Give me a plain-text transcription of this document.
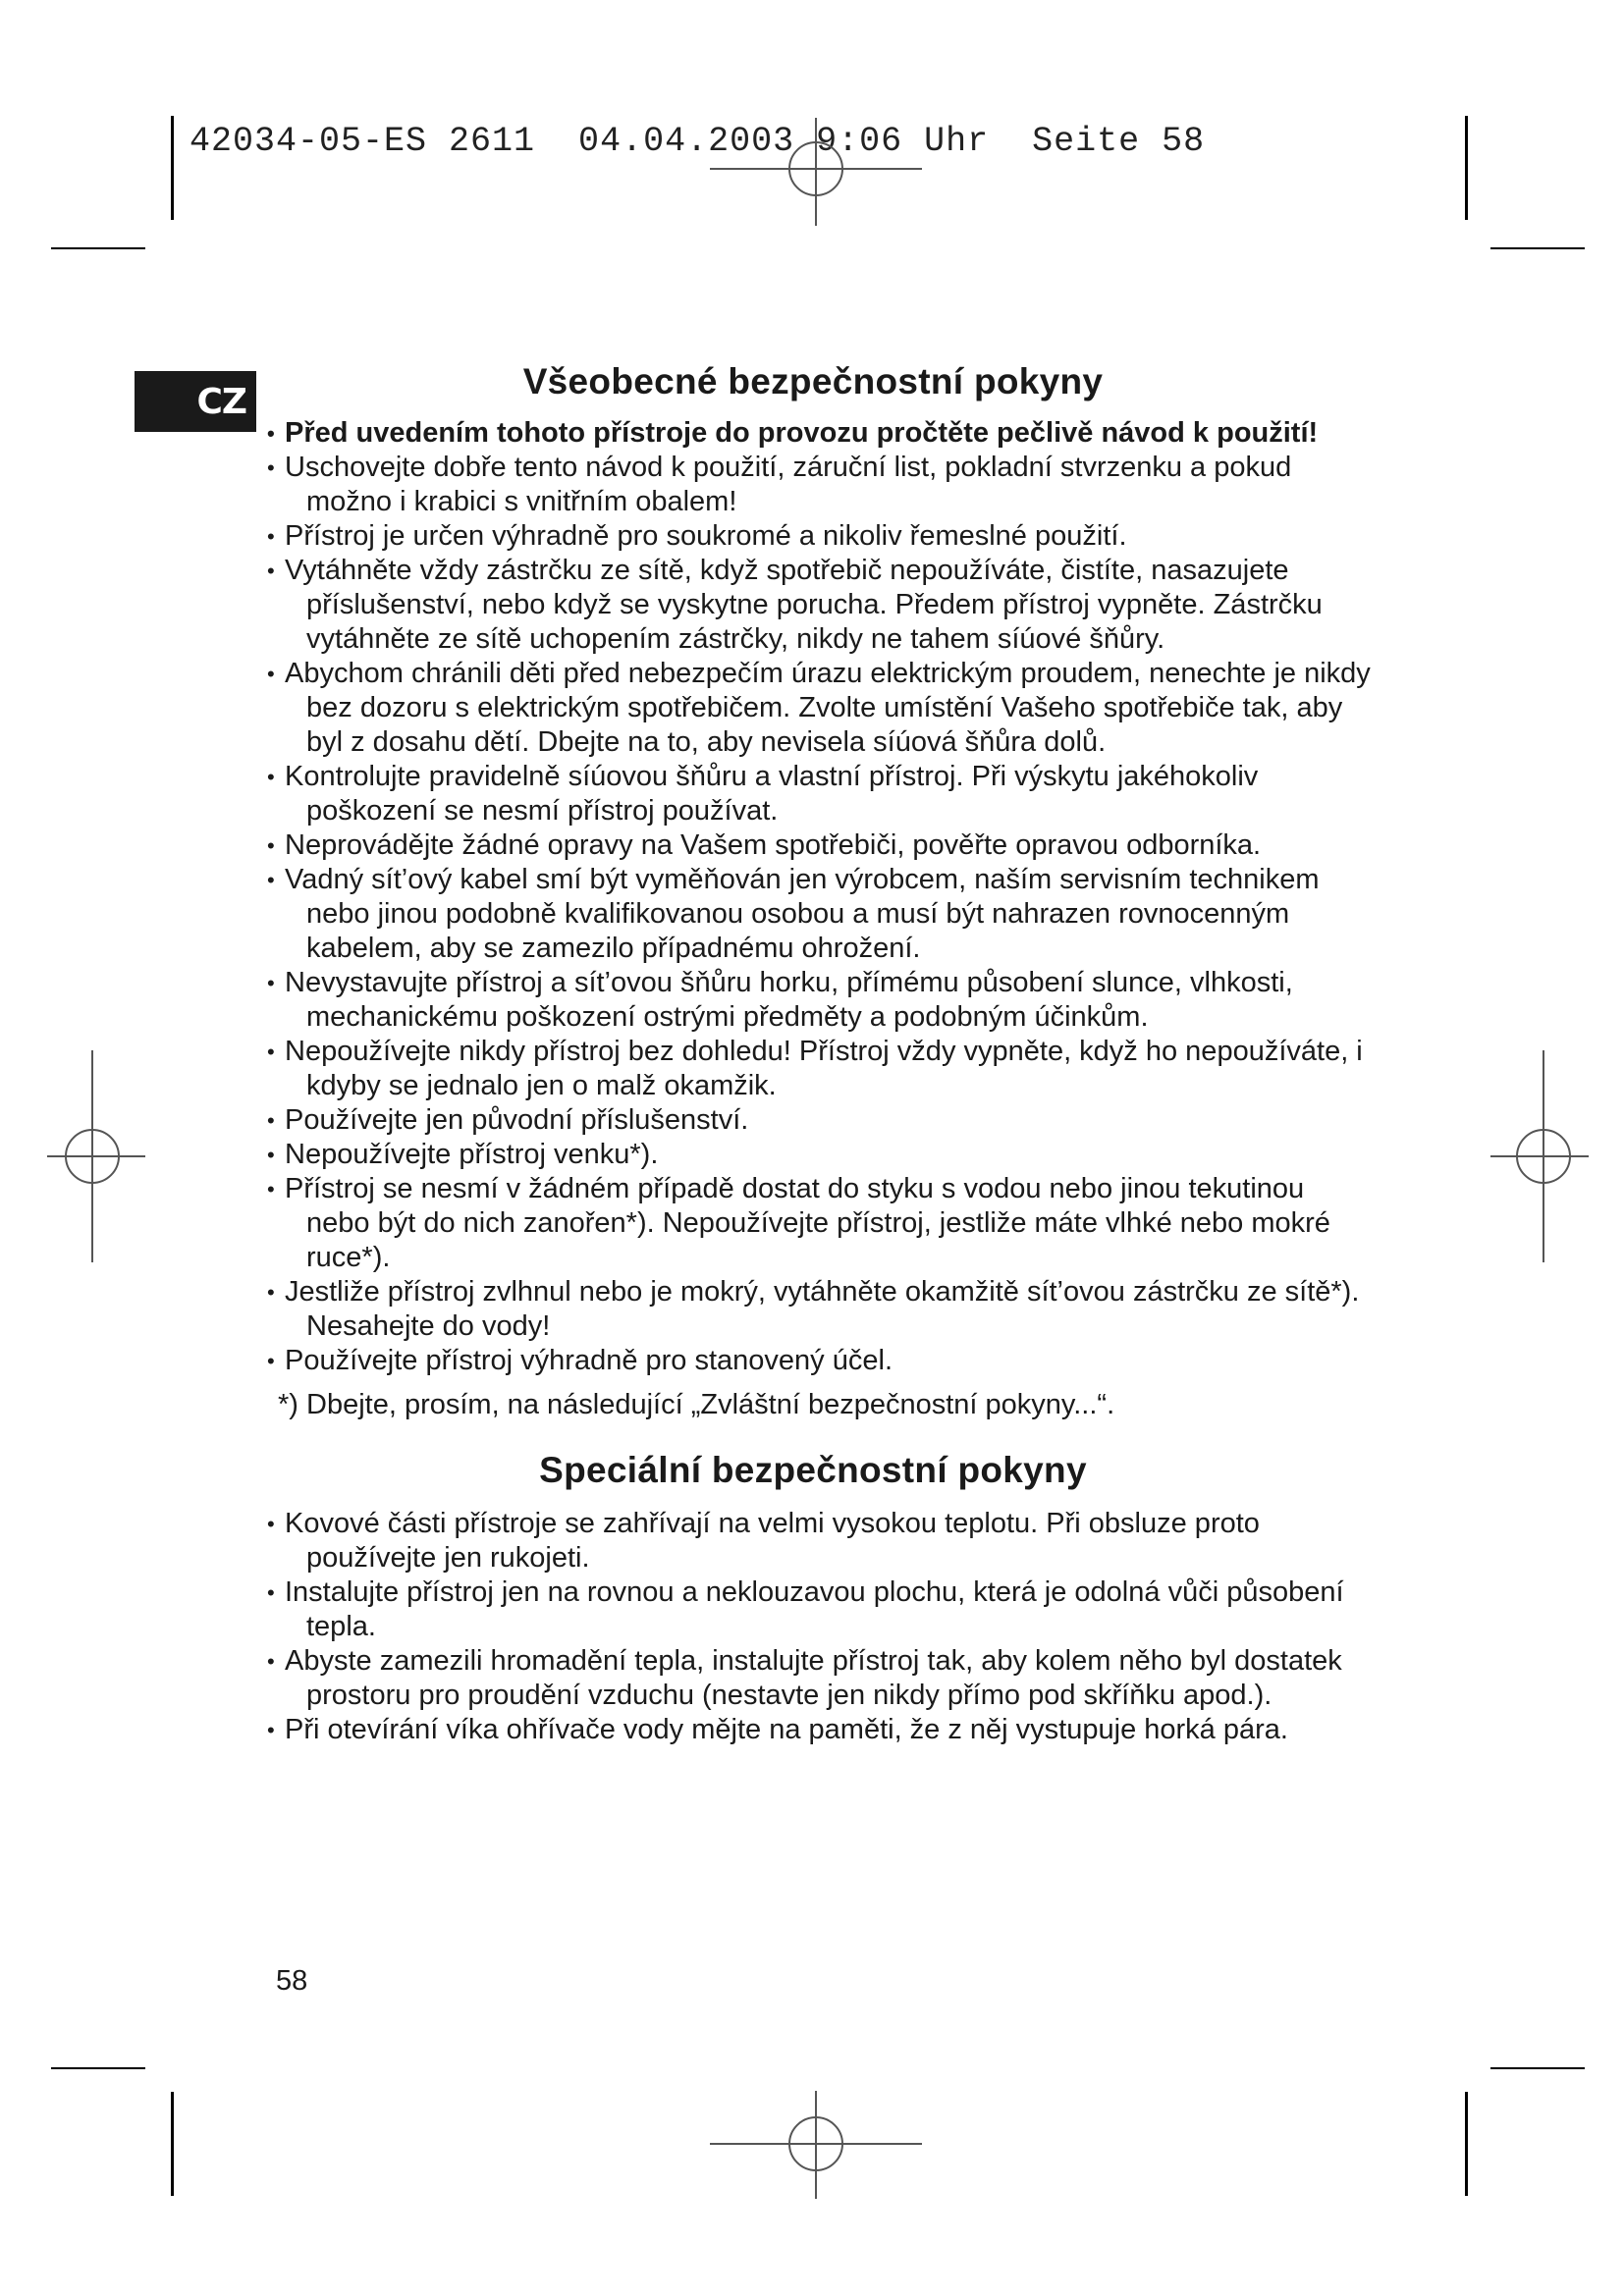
42034-05-ES 2611  04.04.2003 9:06 Uhr  Seite 58
CZ	Všeobecné bezpečnostní pokyny
• Před uvedením tohoto přístroje do provozu pročtěte pečlivě návod k použití!
• Uschovejte dobře tento návod k použití, záruční list, pokladní stvrzenku a pokud možno i krabici s vnitřním obalem!
• Přístroj je určen výhradně pro soukromé a nikoliv řemeslné použití.
• Vytáhněte vždy zástrčku ze sítě, když spotřebič nepoužíváte, čistíte, nasazujete příslušenství, nebo když se vyskytne porucha. Předem přístroj vypněte. Zástrčku vytáhněte ze sítě uchopením zástrčky, nikdy ne tahem síúové šňůry.
• Abychom chránili děti před nebezpečím úrazu elektrickým proudem, nenechte je nikdy bez dozoru s elektrickým spotřebičem. Zvolte umístění Vašeho spotřebiče tak, aby byl z dosahu dětí. Dbejte na to, aby nevisela síúová šňůra dolů.
• Kontrolujte pravidelně síúovou šňůru a vlastní přístroj. Při výskytu jakéhokoliv poškození se nesmí přístroj používat.
• Neprovádějte žádné opravy na Vašem spotřebiči, pověřte opravou odborníka.
• Vadný sít’ový kabel smí být vyměňován jen výrobcem, naším servisním technikem nebo jinou podobně kvalifikovanou osobou a musí být nahrazen rovnocenným kabelem, aby se zamezilo případnému ohrožení.
• Nevystavujte přístroj a sít’ovou šňůru horku, přímému působení slunce, vlhkosti, mechanickému poškození ostrými předměty a podobným účinkům.
• Nepoužívejte nikdy přístroj bez dohledu! Přístroj vždy vypněte, když ho nepoužíváte, i kdyby se jednalo jen o malž okamžik.
• Používejte jen původní příslušenství.
• Nepoužívejte přístroj venku*).
• Přístroj se nesmí v žádném případě dostat do styku s vodou nebo jinou tekutinou nebo být do nich zanořen*). Nepoužívejte přístroj, jestliže máte vlhké nebo mokré ruce*).
• Jestliže přístroj zvlhnul nebo je mokrý, vytáhněte okamžitě sít’ovou zástrčku ze sítě*). Nesahejte do vody!
• Používejte přístroj výhradně pro stanovený účel.
*) Dbejte, prosím, na následující „Zvláštní bezpečnostní pokyny...“.
Speciální bezpečnostní pokyny
• Kovové části přístroje se zahřívají na velmi vysokou teplotu. Při obsluze proto používejte jen rukojeti.
• Instalujte přístroj jen na rovnou a neklouzavou plochu, která je odolná vůči působení tepla.
• Abyste zamezili hromadění tepla, instalujte přístroj tak, aby kolem něho byl dostatek prostoru pro proudění vzduchu (nestavte jen nikdy přímo pod skříňku apod.).
• Při otevírání víka ohřívače vody mějte na paměti, že z něj vystupuje horká pára.
58
